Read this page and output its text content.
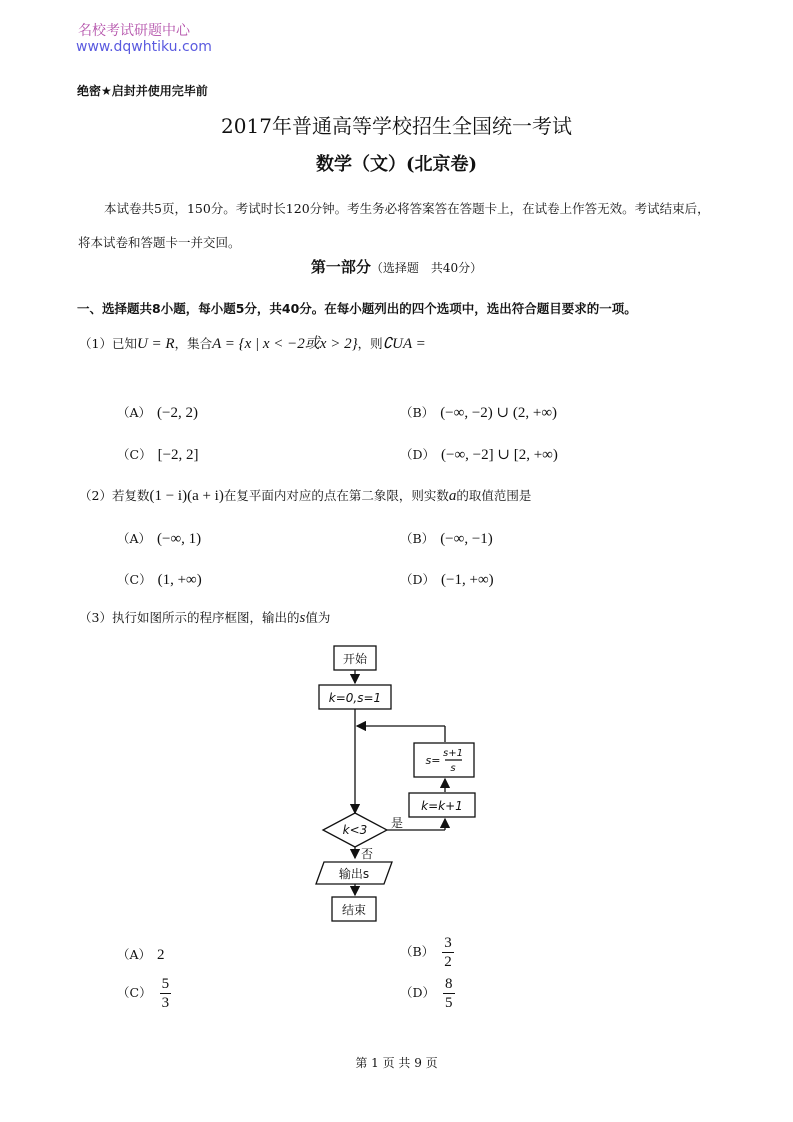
名校考试研题中心
www.dqwhtiku.com
绝密★启封并使用完毕前
2017年普通高等学校招生全国统一考试
数学（文）(北京卷)
本试卷共5页，150分。考试时长120分钟。考生务必将答案答在答题卡上，在试卷上作答无效。考试结束后，将本试卷和答题卡一并交回。
第一部分（选择题　共40分）
一、选择题共8小题，每小题5分，共40分。在每小题列出的四个选项中，选出符合题目要求的一项。
（1）已知U = R，集合A = {x | x < −2或x > 2}，则∁UA =
（A） (−2, 2)	（B） (−∞, −2) ∪ (2, +∞)
（C） [−2, 2]	（D） (−∞, −2] ∪ [2, +∞)
（2）若复数(1 − i)(a + i)在复平面内对应的点在第二象限，则实数a的取值范围是
（A） (−∞, 1)	（B） (−∞, −1)
（C） (1, +∞)	（D） (−1, +∞)
（3）执行如图所示的程序框图，输出的s值为
开始
k=0,s=1
s=
s+1
s
k=k+1
k<3 是
否
输出s
结束
（A） 2	$(B) \frac{3}{2}$
$(C) \frac{5}{3}$	$(D) \frac{8}{5}$
第 1 页 共 9 页
